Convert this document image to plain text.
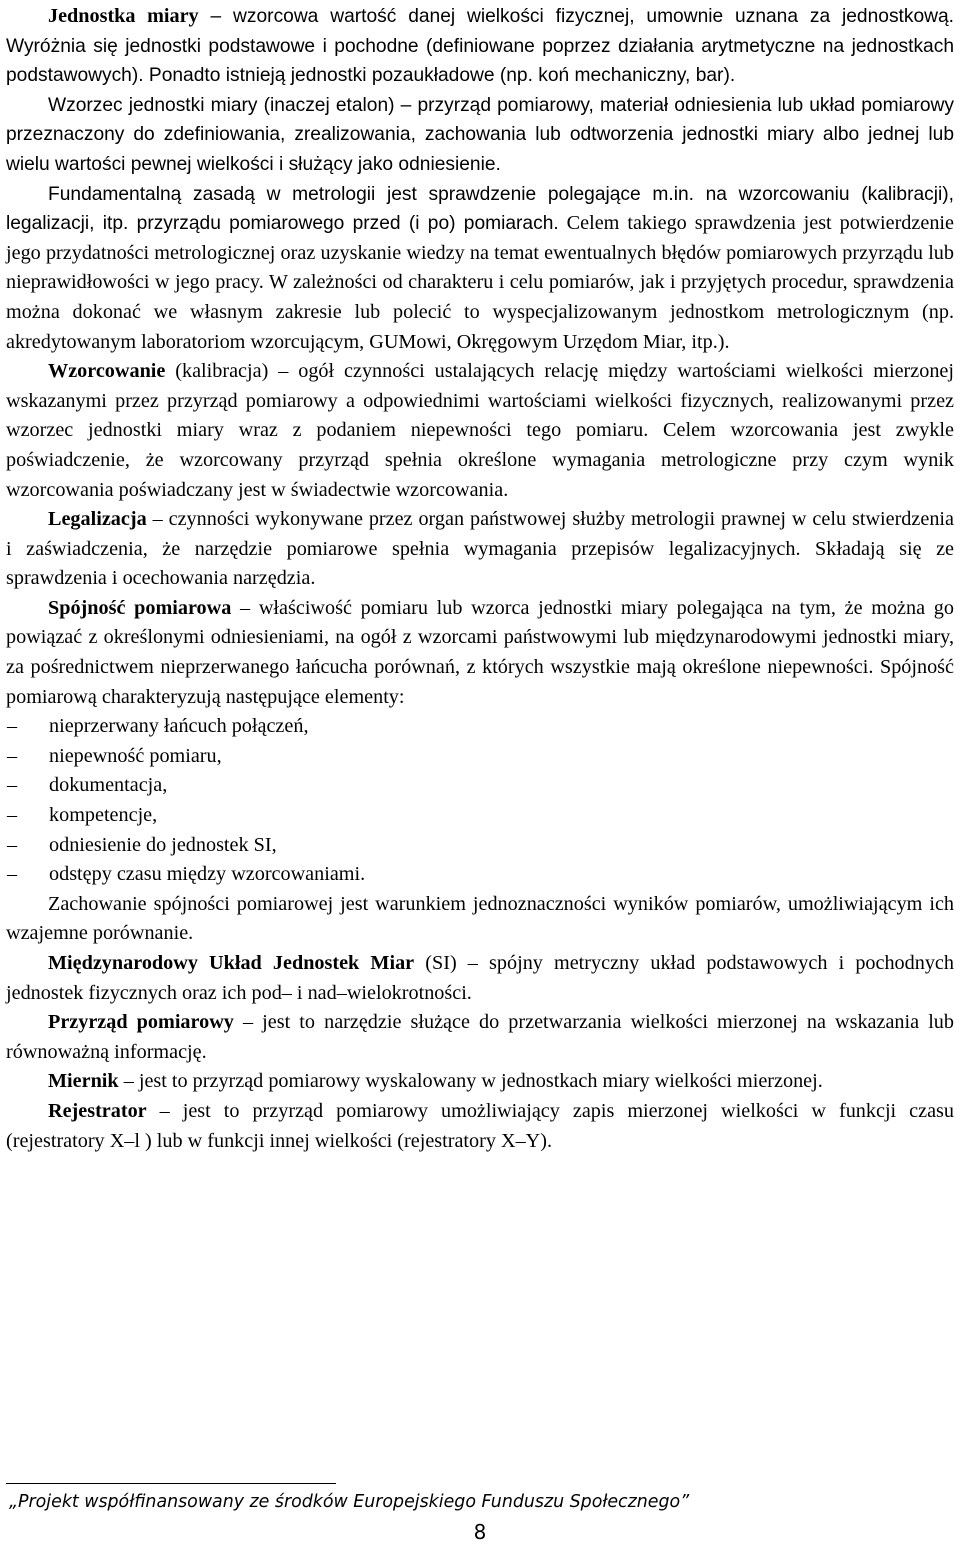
Jednostka miary – wzorcowa wartość danej wielkości fizycznej, umownie uznana za jednostkową. Wyróżnia się jednostki podstawowe i pochodne (definiowane poprzez działania arytmetyczne na jednostkach podstawowych). Ponadto istnieją jednostki pozaukładowe (np. koń mechaniczny, bar).

Wzorzec jednostki miary (inaczej etalon) – przyrząd pomiarowy, materiał odniesienia lub układ pomiarowy przeznaczony do zdefiniowania, zrealizowania, zachowania lub odtworzenia jednostki miary albo jednej lub wielu wartości pewnej wielkości i służący jako odniesienie.

Fundamentalną zasadą w metrologii jest sprawdzenie polegające m.in. na wzorcowaniu (kalibracji), legalizacji, itp. przyrządu pomiarowego przed (i po) pomiarach. Celem takiego sprawdzenia jest potwierdzenie jego przydatności metrologicznej oraz uzyskanie wiedzy na temat ewentualnych błędów pomiarowych przyrządu lub nieprawidłowości w jego pracy. W zależności od charakteru i celu pomiarów, jak i przyjętych procedur, sprawdzenia można dokonać we własnym zakresie lub polecić to wyspecjalizowanym jednostkom metrologicznym (np. akredytowanym laboratoriom wzorcującym, GUMowi, Okręgowym Urzędom Miar, itp.).

Wzorcowanie (kalibracja) – ogół czynności ustalających relację między wartościami wielkości mierzonej wskazanymi przez przyrząd pomiarowy a odpowiednimi wartościami wielkości fizycznych, realizowanymi przez wzorzec jednostki miary wraz z podaniem niepewności tego pomiaru. Celem wzorcowania jest zwykle poświadczenie, że wzorcowany przyrząd spełnia określone wymagania metrologiczne przy czym wynik wzorcowania poświadczany jest w świadectwie wzorcowania.

Legalizacja – czynności wykonywane przez organ państwowej służby metrologii prawnej w celu stwierdzenia i zaświadczenia, że narzędzie pomiarowe spełnia wymagania przepisów legalizacyjnych. Składają się ze sprawdzenia i ocechowania narzędzia.

Spójność pomiarowa – właściwość pomiaru lub wzorca jednostki miary polegająca na tym, że można go powiązać z określonymi odniesieniami, na ogół z wzorcami państwowymi lub międzynarodowymi jednostki miary, za pośrednictwem nieprzerwanego łańcucha porównań, z których wszystkie mają określone niepewności. Spójność pomiarową charakteryzują następujące elementy:

– nieprzerwany łańcuch połączeń,
– niepewność pomiaru,
– dokumentacja,
– kompetencje,
– odniesienie do jednostek SI,
– odstępy czasu między wzorcowaniami.

Zachowanie spójności pomiarowej jest warunkiem jednoznaczności wyników pomiarów, umożliwiającym ich wzajemne porównanie.

Międzynarodowy Układ Jednostek Miar (SI) – spójny metryczny układ podstawowych i pochodnych jednostek fizycznych oraz ich pod– i nad–wielokrotności.

Przyrząd pomiarowy – jest to narzędzie służące do przetwarzania wielkości mierzonej na wskazania lub równoważną informację.

Miernik – jest to przyrząd pomiarowy wyskalowany w jednostkach miary wielkości mierzonej.

Rejestrator – jest to przyrząd pomiarowy umożliwiający zapis mierzonej wielkości w funkcji czasu (rejestratory X–l ) lub w funkcji innej wielkości (rejestratory X–Y).

„Projekt współfinansowany ze środków Europejskiego Funduszu Społecznego”
8
